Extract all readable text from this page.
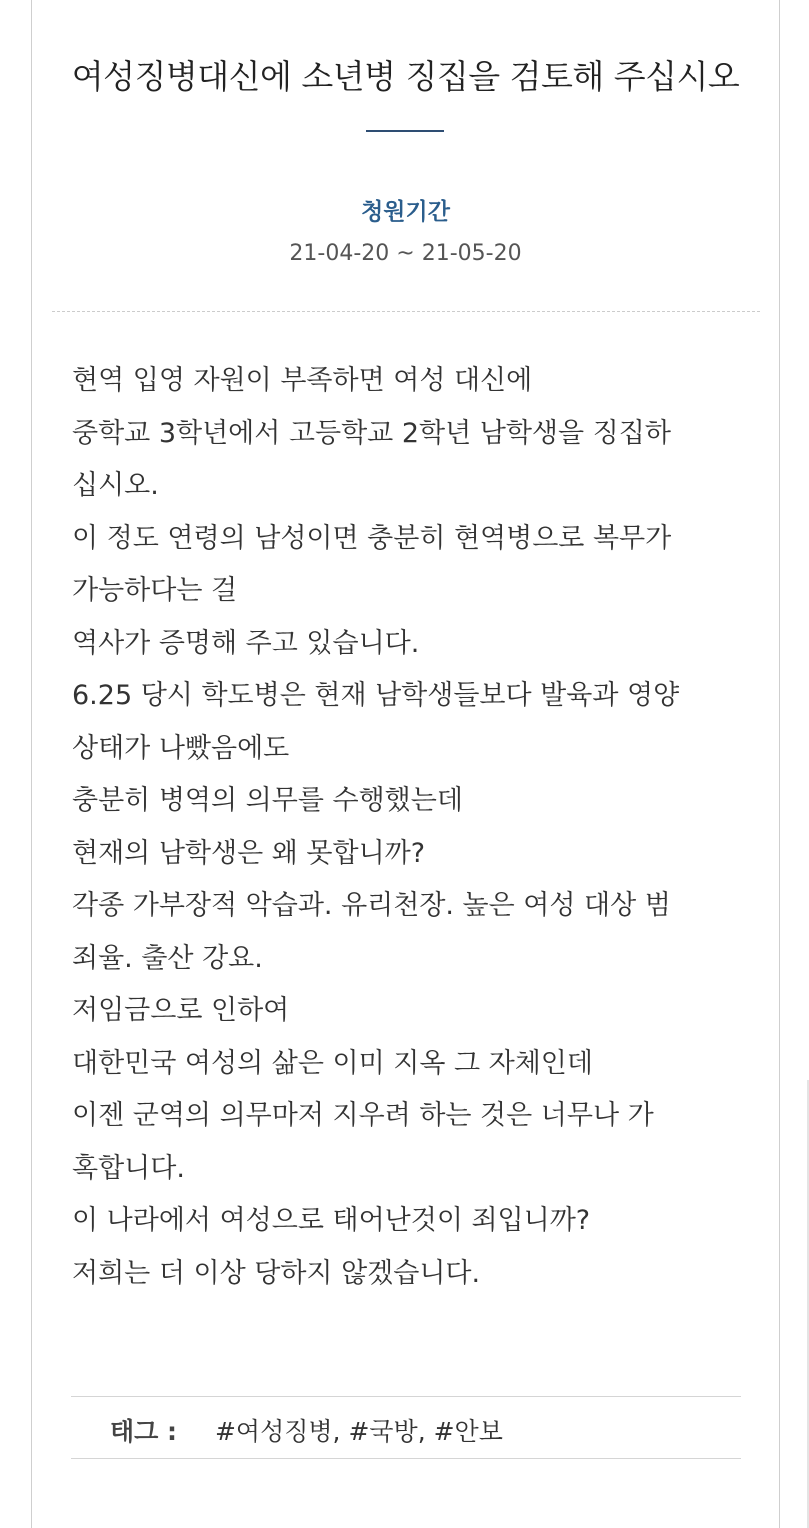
여성징병대신에 소년병 징집을 검토해 주십시오
청원기간
21-04-20 ~ 21-05-20
현역 입영 자원이 부족하면 여성 대신에
중학교 3학년에서 고등학교 2학년 남학생을 징집하
십시오.
이 정도 연령의 남성이면 충분히 현역병으로 복무가
가능하다는 걸
역사가 증명해 주고 있습니다.
6.25 당시 학도병은 현재 남학생들보다 발육과 영양
상태가 나빴음에도
충분히 병역의 의무를 수행했는데
현재의 남학생은 왜 못합니까?
각종 가부장적 악습과. 유리천장. 높은 여성 대상 범
죄율. 출산 강요.
저임금으로 인하여
대한민국 여성의 삶은 이미 지옥 그 자체인데
이젠 군역의 의무마저 지우려 하는 것은 너무나 가
혹합니다.
이 나라에서 여성으로 태어난것이 죄입니까?
저희는 더 이상 당하지 않겠습니다.
태그 : #여성징병, #국방, #안보
